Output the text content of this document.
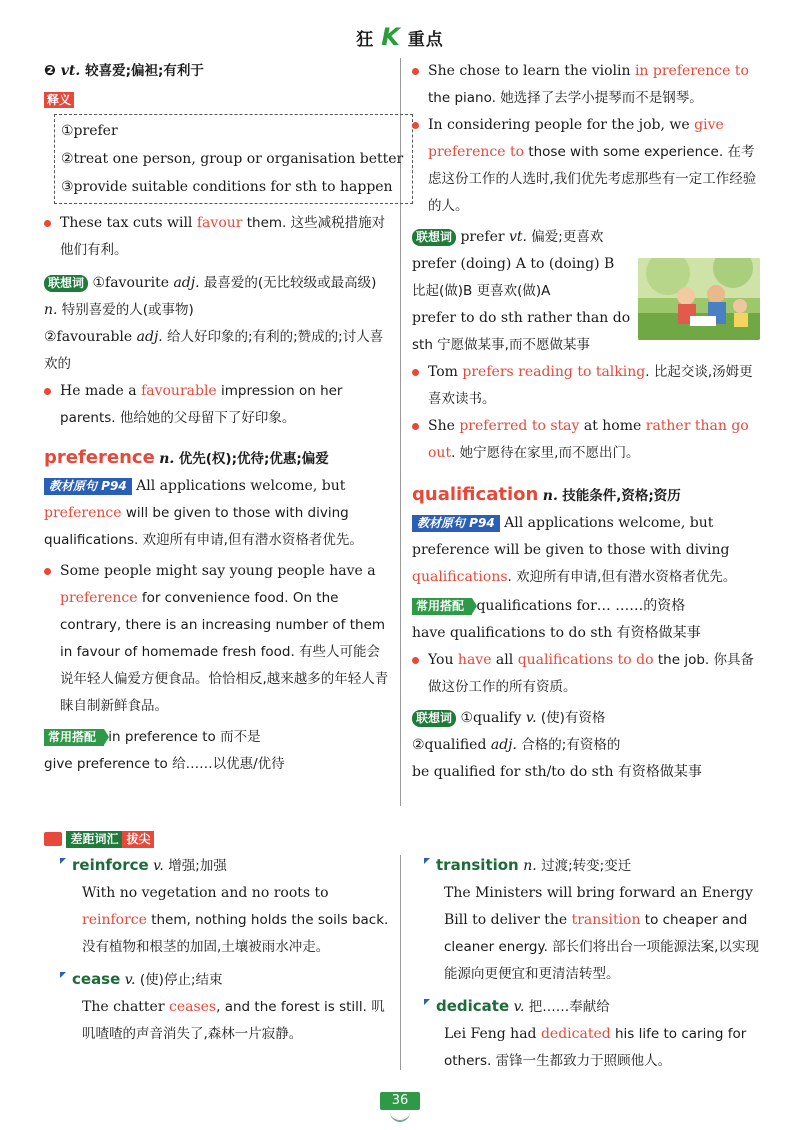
狂 K 重点

❷ vt. 较喜爱;偏袒;有利于

释义

①prefer

②treat one person, group or organisation better

③provide suitable conditions for sth to happen

These tax cuts will favour them. 这些减税措施对他们有利。

联想词 ①favourite adj. 最喜爱的(无比较级或最高级) n. 特别喜爱的人(或事物)

②favourable adj. 给人好印象的;有利的;赞成的;讨人喜欢的

He made a favourable impression on her parents. 他给她的父母留下了好印象。

preference n. 优先(权);优待;优惠;偏爱

教材原句 P94 All applications welcome, but preference will be given to those with diving qualifications. 欢迎所有申请,但有潜水资格者优先。

Some people might say young people have a preference for convenience food. On the contrary, there is an increasing number of them in favour of homemade fresh food. 有些人可能会说年轻人偏爱方便食品。恰恰相反,越来越多的年轻人青睐自制新鲜食品。

常用搭配 in preference to 而不是

give preference to 给……以优惠/优待

She chose to learn the violin in preference to the piano. 她选择了去学小提琴而不是钢琴。

In considering people for the job, we give preference to those with some experience. 在考虑这份工作的人选时,我们优先考虑那些有一定工作经验的人。

联想词 prefer vt. 偏爱;更喜欢

prefer (doing) A to (doing) B

比起(做)B 更喜欢(做)A

prefer to do sth rather than do

sth 宁愿做某事,而不愿做某事

Tom prefers reading to talking. 比起交谈,汤姆更喜欢读书。

She preferred to stay at home rather than go out. 她宁愿待在家里,而不愿出门。

qualification n. 技能条件,资格;资历

教材原句 P94 All applications welcome, but preference will be given to those with diving qualifications. 欢迎所有申请,但有潜水资格者优先。

常用搭配 qualifications for… ……的资格

have qualifications to do sth 有资格做某事

You have all qualifications to do the job. 你具备做这份工作的所有资质。

联想词 ①qualify v. (使)有资格

②qualified adj. 合格的;有资格的

be qualified for sth/to do sth 有资格做某事

差距词汇 拔尖

reinforce v. 增强;加强

With no vegetation and no roots to reinforce them, nothing holds the soils back. 没有植物和根茎的加固,土壤被雨水冲走。

cease v. (使)停止;结束

The chatter ceases, and the forest is still. 叽叽喳喳的声音消失了,森林一片寂静。

transition n. 过渡;转变;变迁

The Ministers will bring forward an Energy Bill to deliver the transition to cheaper and cleaner energy. 部长们将出台一项能源法案,以实现能源向更便宜和更清洁转型。

dedicate v. 把……奉献给

Lei Feng had dedicated his life to caring for others. 雷锋一生都致力于照顾他人。

36
